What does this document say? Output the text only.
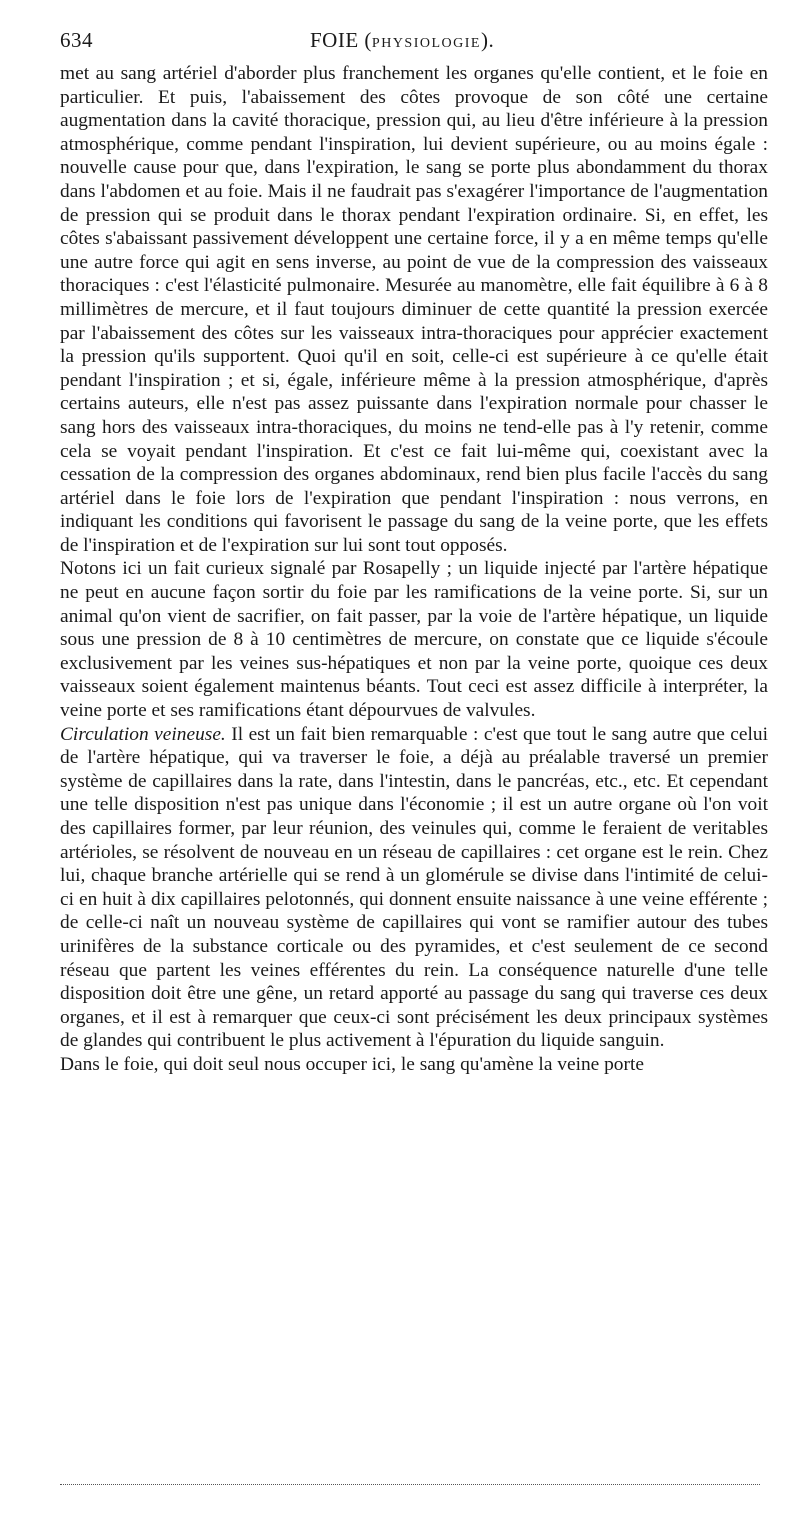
634	FOIE (PHYSIOLOGIE).

met au sang artériel d'aborder plus franchement les organes qu'elle contient, et le foie en particulier. Et puis, l'abaissement des côtes provoque de son côté une certaine augmentation dans la cavité thoracique, pression qui, au lieu d'être inférieure à la pression atmosphérique, comme pendant l'inspiration, lui devient supérieure, ou au moins égale : nouvelle cause pour que, dans l'expiration, le sang se porte plus abondamment du thorax dans l'abdomen et au foie. Mais il ne faudrait pas s'exagérer l'importance de l'augmentation de pression qui se produit dans le thorax pendant l'expiration ordinaire. Si, en effet, les côtes s'abaissant passivement développent une certaine force, il y a en même temps qu'elle une autre force qui agit en sens inverse, au point de vue de la compression des vaisseaux thoraciques : c'est l'élasticité pulmonaire. Mesurée au manomètre, elle fait équilibre à 6 à 8 millimètres de mercure, et il faut toujours diminuer de cette quantité la pression exercée par l'abaissement des côtes sur les vaisseaux intra-thoraciques pour apprécier exactement la pression qu'ils supportent. Quoi qu'il en soit, celle-ci est supérieure à ce qu'elle était pendant l'inspiration ; et si, égale, inférieure même à la pression atmosphérique, d'après certains auteurs, elle n'est pas assez puissante dans l'expiration normale pour chasser le sang hors des vaisseaux intra-thoraciques, du moins ne tend-elle pas à l'y retenir, comme cela se voyait pendant l'inspiration. Et c'est ce fait lui-même qui, coexistant avec la cessation de la compression des organes abdominaux, rend bien plus facile l'accès du sang artériel dans le foie lors de l'expiration que pendant l'inspiration : nous verrons, en indiquant les conditions qui favorisent le passage du sang de la veine porte, que les effets de l'inspiration et de l'expiration sur lui sont tout opposés.

Notons ici un fait curieux signalé par Rosapelly ; un liquide injecté par l'artère hépatique ne peut en aucune façon sortir du foie par les ramifications de la veine porte. Si, sur un animal qu'on vient de sacrifier, on fait passer, par la voie de l'artère hépatique, un liquide sous une pression de 8 à 10 centimètres de mercure, on constate que ce liquide s'écoule exclusivement par les veines sus-hépatiques et non par la veine porte, quoique ces deux vaisseaux soient également maintenus béants. Tout ceci est assez difficile à interpréter, la veine porte et ses ramifications étant dépourvues de valvules.

Circulation veineuse. Il est un fait bien remarquable : c'est que tout le sang autre que celui de l'artère hépatique, qui va traverser le foie, a déjà au préalable traversé un premier système de capillaires dans la rate, dans l'intestin, dans le pancréas, etc., etc. Et cependant une telle disposition n'est pas unique dans l'économie ; il est un autre organe où l'on voit des capillaires former, par leur réunion, des veinules qui, comme le feraient de veritables artérioles, se résolvent de nouveau en un réseau de capillaires : cet organe est le rein. Chez lui, chaque branche artérielle qui se rend à un glomérule se divise dans l'intimité de celui-ci en huit à dix capillaires pelotonnés, qui donnent ensuite naissance à une veine efférente ; de celle-ci naît un nouveau système de capillaires qui vont se ramifier autour des tubes urinifères de la substance corticale ou des pyramides, et c'est seulement de ce second réseau que partent les veines efférentes du rein. La conséquence naturelle d'une telle disposition doit être une gêne, un retard apporté au passage du sang qui traverse ces deux organes, et il est à remarquer que ceux-ci sont précisément les deux principaux systèmes de glandes qui contribuent le plus activement à l'épuration du liquide sanguin.

Dans le foie, qui doit seul nous occuper ici, le sang qu'amène la veine porte
